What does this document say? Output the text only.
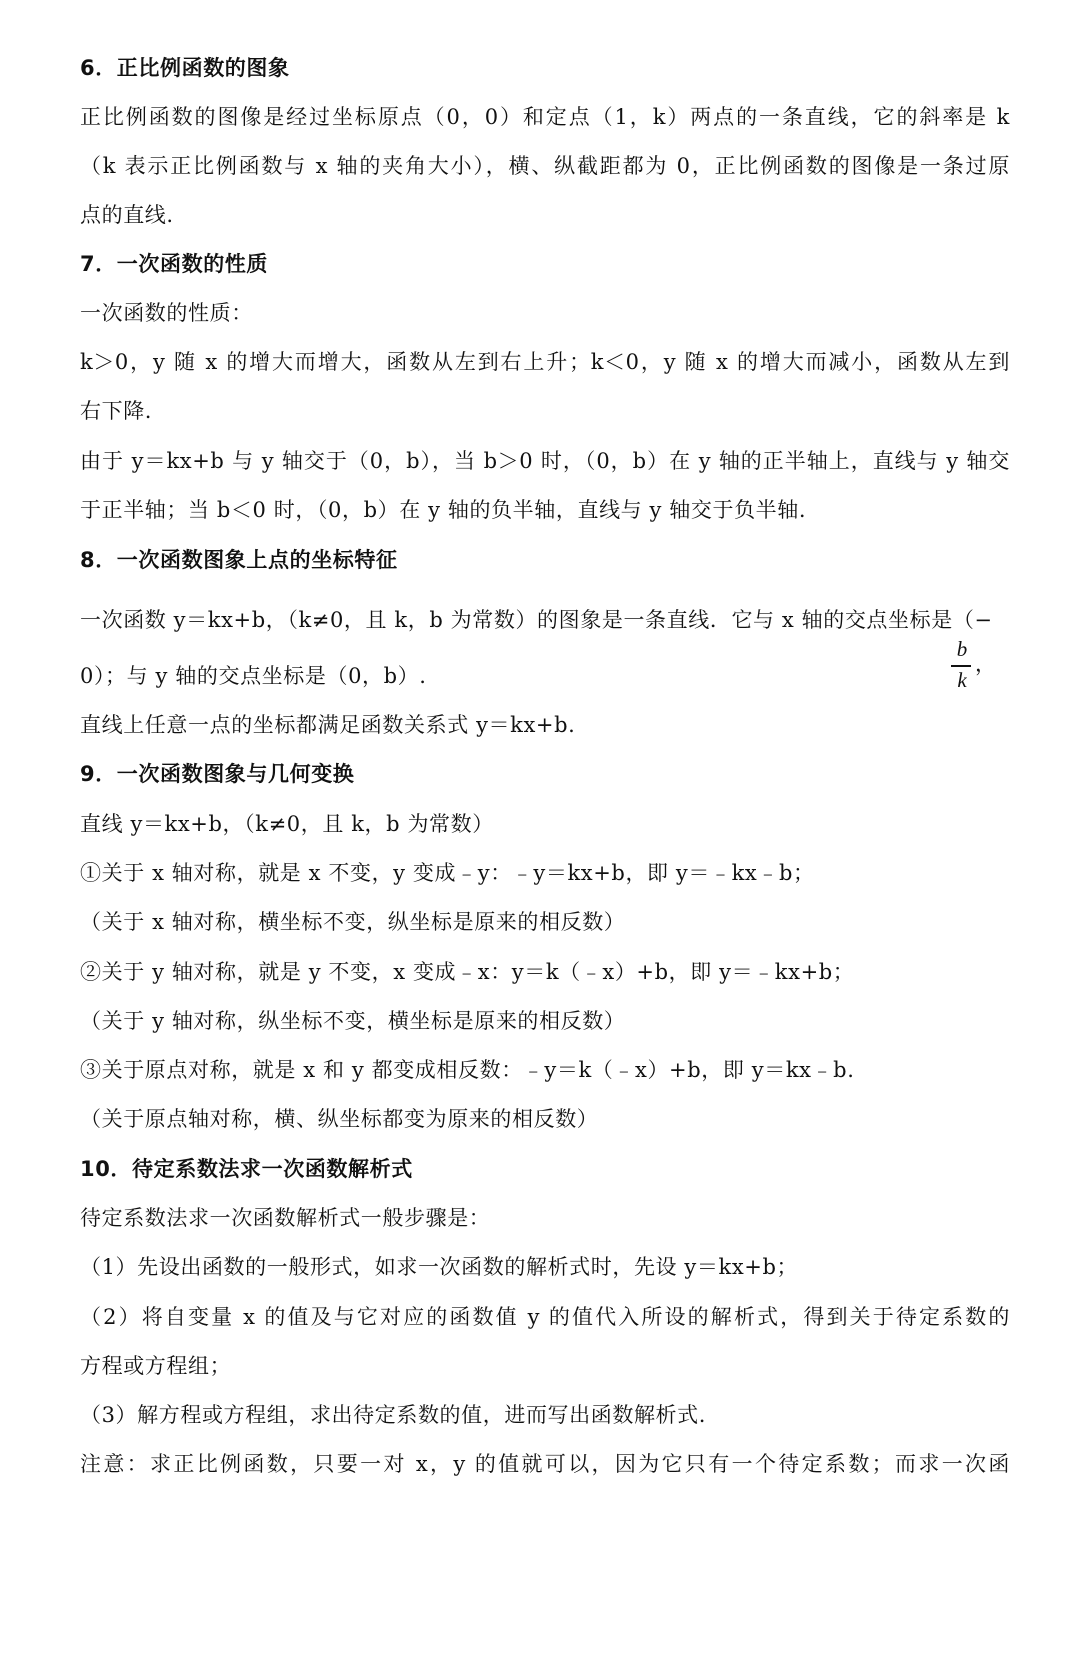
6．正比例函数的图象
正比例函数的图像是经过坐标原点（0，0）和定点（1，k）两点的一条直线，它的斜率是 k
（k 表示正比例函数与 x 轴的夹角大小），横、纵截距都为 0，正比例函数的图像是一条过原
点的直线.
7．一次函数的性质
一次函数的性质：
k＞0，y 随 x 的增大而增大，函数从左到右上升；k＜0，y 随 x 的增大而减小，函数从左到
右下降.
由于 y＝kx+b 与 y 轴交于（0，b），当 b＞0 时，（0，b）在 y 轴的正半轴上，直线与 y 轴交
于正半轴；当 b＜0 时，（0，b）在 y 轴的负半轴，直线与 y 轴交于负半轴.
8．一次函数图象上点的坐标特征
一次函数 y＝kx+b，（k≠0，且 k，b 为常数）的图象是一条直线．它与 x 轴的交点坐标是（−
b
k
，
0）；与 y 轴的交点坐标是（0，b）.
直线上任意一点的坐标都满足函数关系式 y＝kx+b.
9．一次函数图象与几何变换
直线 y＝kx+b，（k≠0，且 k，b 为常数）
①关于 x 轴对称，就是 x 不变，y 变成﹣y：﹣y＝kx+b，即 y＝﹣kx﹣b；
（关于 x 轴对称，横坐标不变，纵坐标是原来的相反数）
②关于 y 轴对称，就是 y 不变，x 变成﹣x：y＝k（﹣x）+b，即 y＝﹣kx+b；
（关于 y 轴对称，纵坐标不变，横坐标是原来的相反数）
③关于原点对称，就是 x 和 y 都变成相反数：﹣y＝k（﹣x）+b，即 y＝kx﹣b.
（关于原点轴对称，横、纵坐标都变为原来的相反数）
10．待定系数法求一次函数解析式
待定系数法求一次函数解析式一般步骤是：
（1）先设出函数的一般形式，如求一次函数的解析式时，先设 y＝kx+b；
（2）将自变量 x 的值及与它对应的函数值 y 的值代入所设的解析式，得到关于待定系数的
方程或方程组；
（3）解方程或方程组，求出待定系数的值，进而写出函数解析式.
注意：求正比例函数，只要一对 x，y 的值就可以，因为它只有一个待定系数；而求一次函
